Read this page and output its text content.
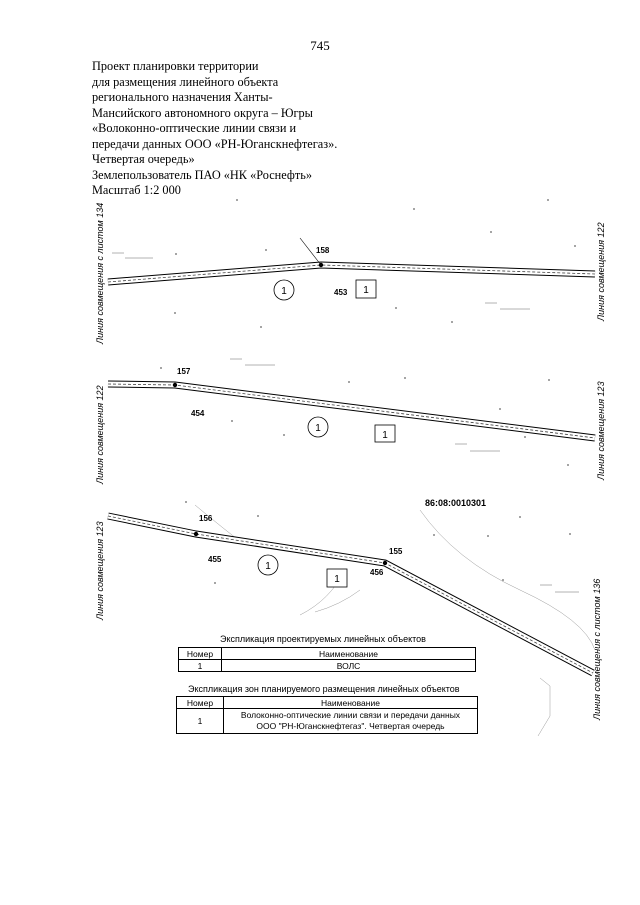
745
Проект планировки территории
для размещения линейного объекта
регионального назначения Ханты-
Мансийского автономного округа – Югры
«Волоконно-оптические линии связи и
передачи данных ООО «РН-Юганскнефтегаз».
Четвертая очередь»
Землепользователь ПАО «НК «Роснефть»
Масштаб 1:2 000
158
453
1	1
Линия совмещения с листом 134	Линия совмещения 122
157
454
1
1
Линия совмещения 122	Линия совмещения 123
156
455
155
456
86:08:0010301
1
1
Линия совмещения 123
Линия совмещения с листом 136
Экспликация проектируемых линейных объектов
Номер	Наименование
1	ВОЛС
Экспликация зон планируемого размещения линейных объектов
Номер	Наименование
1	Волоконно-оптические линии связи и передачи данных
ООО "РН-Юганскнефтегаз". Четвертая очередь
